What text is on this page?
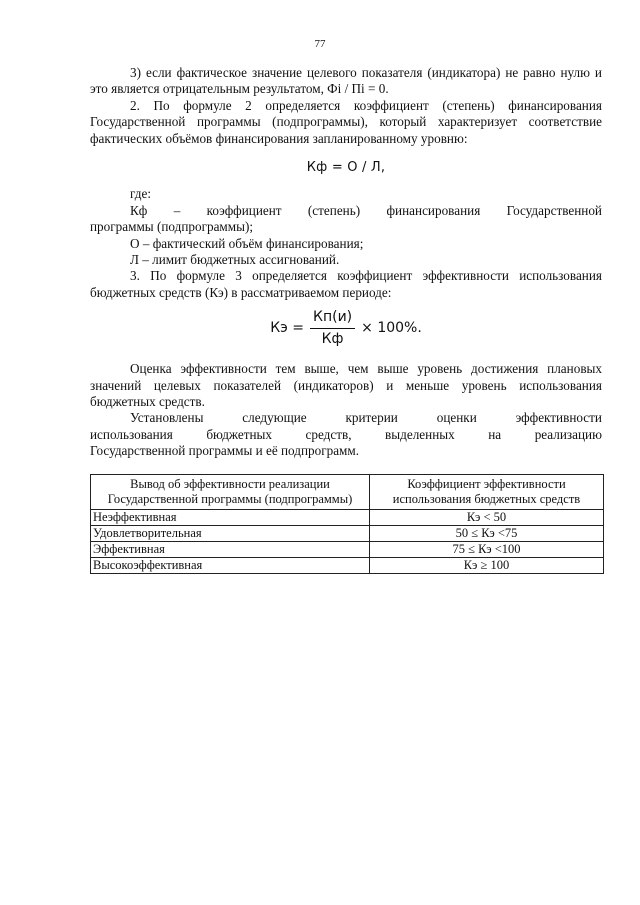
77

3) если фактическое значение целевого показателя (индикатора) не равно нулю и это является отрицательным результатом, Фi / Пi = 0.

2. По формуле 2 определяется коэффициент (степень) финансирования Государственной программы (подпрограммы), который характеризует соответствие фактических объёмов финансирования запланированному уровню:

Кф = О / Л,

где:

Кф – коэффициент (степень) финансирования Государственной
программы (подпрограммы);

О – фактический объём финансирования;

Л – лимит бюджетных ассигнований.

3. По формуле 3 определяется коэффициент эффективности использования бюджетных средств (Кэ) в рассматриваемом периоде:

Кэ = $\frac{Кп(и)}{Кф} \times 100\%$.

Оценка эффективности тем выше, чем выше уровень достижения плановых значений целевых показателей (индикаторов) и меньше уровень использования бюджетных средств.

Установлены	следующие	критерии	оценки	эффективности
использования	бюджетных	средств,	выделенных	на	реализацию
Государственной программы и её подпрограмм.
Вывод об эффективности реализации Государственной программы (подпрограммы)	Коэффициент эффективности использования бюджетных средств
Неэффективная	Кэ < 50
Удовлетворительная	50 ≤ Кэ <75
Эффективная	75 ≤ Кэ <100
Высокоэффективная	Кэ ≥ 100
